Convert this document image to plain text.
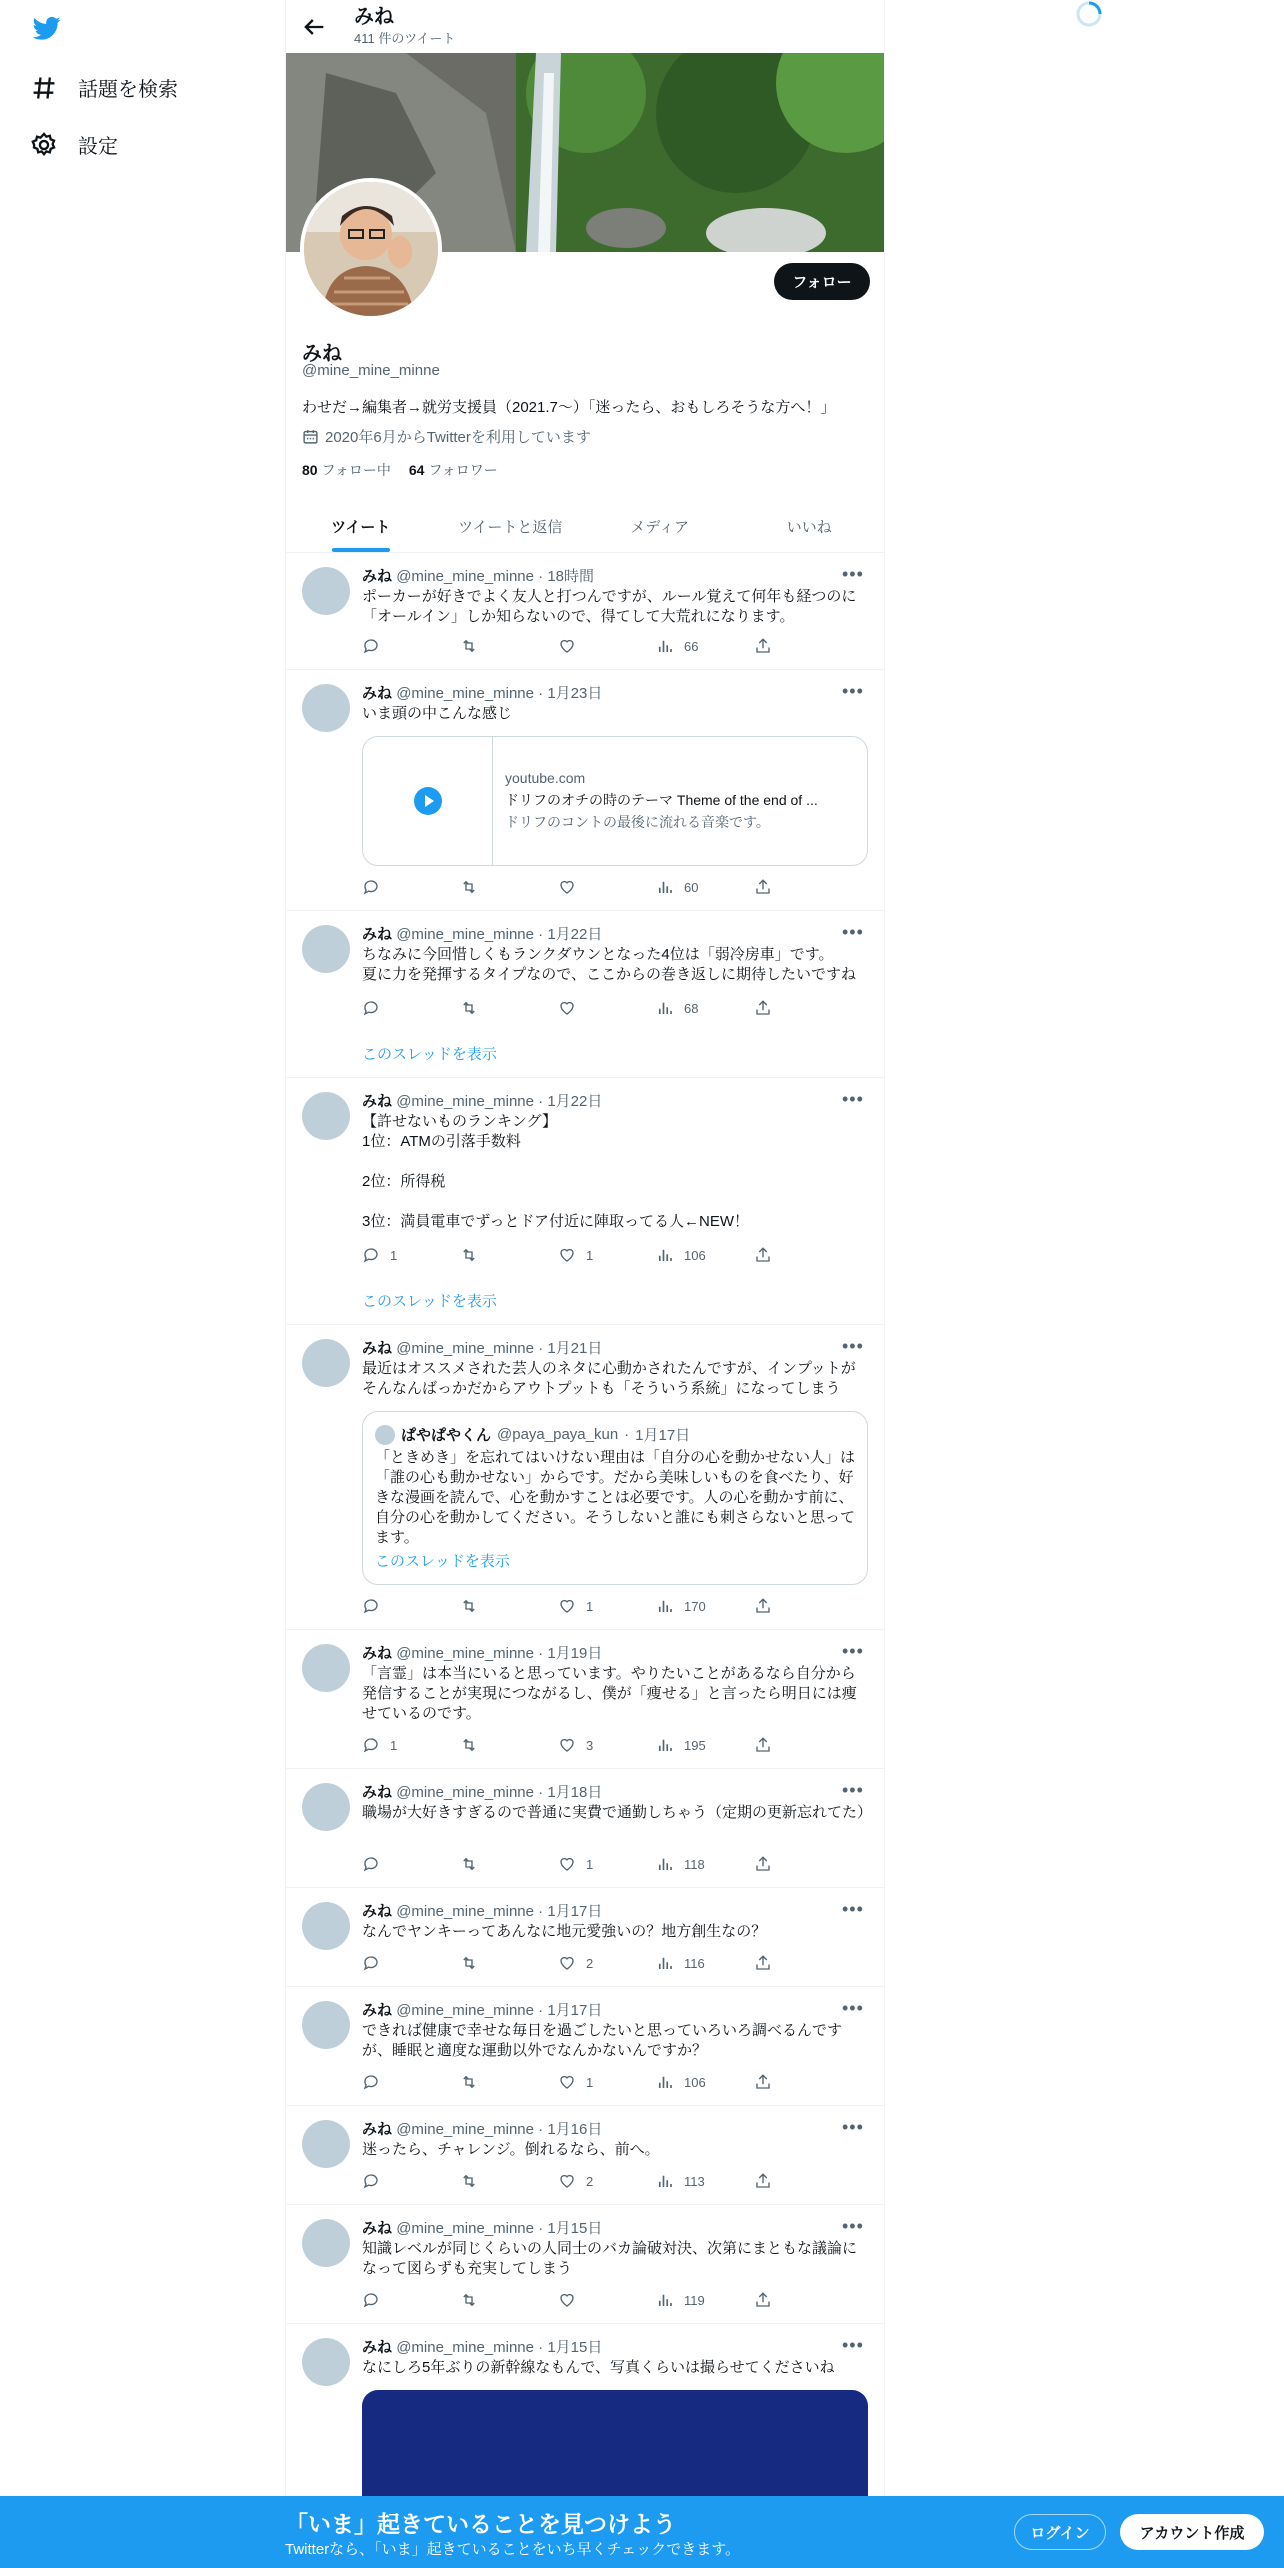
話題を検索
設定
みね
411 件のツイート
フォロー
みね
@mine_mine_minne
わせだ→編集者→就労支援員（2021.7〜）「迷ったら、おもしろそうな方へ！」
2020年6月からTwitterを利用しています
80 フォロー中 64 フォロワー
ツイート	ツイートと返信	メディア	いいね
みね @mine_mine_minne · 18時間	•••
ポーカーが好きでよく友人と打つんですが、ルール覚えて何年も経つのに「オールイン」しか知らないので、得てして大荒れになります。
66
みね @mine_mine_minne · 1月23日	•••
いま頭の中こんな感じ
youtube.com
ドリフのオチの時のテーマ Theme of the end of ...
ドリフのコントの最後に流れる音楽です。
60
みね @mine_mine_minne · 1月22日	•••
ちなみに今回惜しくもランクダウンとなった4位は「弱冷房車」です。
夏に力を発揮するタイプなので、ここからの巻き返しに期待したいですね
68
このスレッドを表示
みね @mine_mine_minne · 1月22日	•••
【許せないものランキング】
1位：ATMの引落手数料

2位：所得税

3位：満員電車でずっとドア付近に陣取ってる人←NEW！
1	1	106
このスレッドを表示
みね @mine_mine_minne · 1月21日	•••
最近はオススメされた芸人のネタに心動かされたんですが、インプットがそんなんばっかだからアウトプットも「そういう系統」になってしまう
ぱやぱやくん @paya_paya_kun · 1月17日
「ときめき」を忘れてはいけない理由は「自分の心を動かせない人」は「誰の心も動かせない」からです。だから美味しいものを食べたり、好きな漫画を読んで、心を動かすことは必要です。人の心を動かす前に、自分の心を動かしてください。そうしないと誰にも刺さらないと思ってます。
このスレッドを表示
1	170
みね @mine_mine_minne · 1月19日	•••
「言霊」は本当にいると思っています。やりたいことがあるなら自分から発信することが実現につながるし、僕が「痩せる」と言ったら明日には痩せているのです。
1	3	195
みね @mine_mine_minne · 1月18日	•••
職場が大好きすぎるので普通に実費で通勤しちゃう（定期の更新忘れてた）
1	118
みね @mine_mine_minne · 1月17日	•••
なんでヤンキーってあんなに地元愛強いの？地方創生なの？
2	116
みね @mine_mine_minne · 1月17日	•••
できれば健康で幸せな毎日を過ごしたいと思っていろいろ調べるんですが、睡眠と適度な運動以外でなんかないんですか？
1	106
みね @mine_mine_minne · 1月16日	•••
迷ったら、チャレンジ。倒れるなら、前へ。
2	113
みね @mine_mine_minne · 1月15日	•••
知識レベルが同じくらいの人同士のバカ論破対決、次第にまともな議論になって図らずも充実してしまう
119
みね @mine_mine_minne · 1月15日	•••
なにしろ5年ぶりの新幹線なもんで、写真くらいは撮らせてくださいね
「いま」起きていることを見つけよう
Twitterなら、「いま」起きていることをいち早くチェックできます。
ログイン	アカウント作成
